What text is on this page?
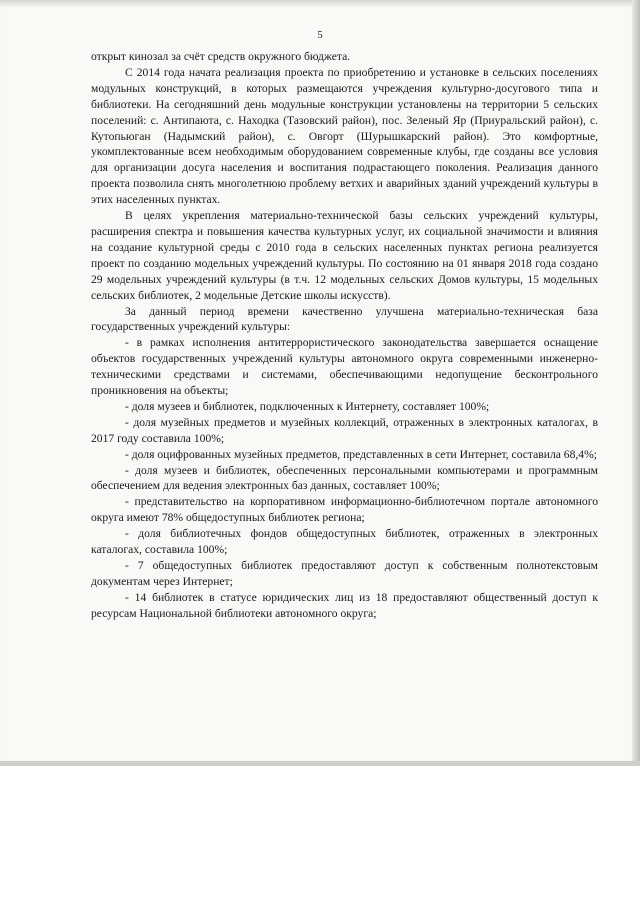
5

открыт кинозал за счёт средств окружного бюджета.

С 2014 года начата реализация проекта по приобретению и установке в сельских поселениях модульных конструкций, в которых размещаются учреждения культурно-досугового типа и библиотеки. На сегодняшний день модульные конструкции установлены на территории 5 сельских поселений: с. Антипаюта, с. Находка (Тазовский район), пос. Зеленый Яр (Приуральский район), с. Кутопьюган (Надымский район), с. Овгорт (Шурышкарский район). Это комфортные, укомплектованные всем необходимым оборудованием современные клубы, где созданы все условия для организации досуга населения и воспитания подрастающего поколения. Реализация данного проекта позволила снять многолетнюю проблему ветхих и аварийных зданий учреждений культуры в этих населенных пунктах.

В целях укрепления материально-технической базы сельских учреждений культуры, расширения спектра и повышения качества культурных услуг, их социальной значимости и влияния на создание культурной среды с 2010 года в сельских населенных пунктах региона реализуется проект по созданию модельных учреждений культуры. По состоянию на 01 января 2018 года создано 29 модельных учреждений культуры (в т.ч. 12 модельных сельских Домов культуры, 15 модельных сельских библиотек, 2 модельные Детские школы искусств).

За данный период времени качественно улучшена материально-техническая база государственных учреждений культуры:

- в рамках исполнения антитеррористического законодательства завершается оснащение объектов государственных учреждений культуры автономного округа современными инженерно-техническими средствами и системами, обеспечивающими недопущение бесконтрольного проникновения на объекты;

- доля музеев и библиотек, подключенных к Интернету, составляет 100%;

- доля музейных предметов и музейных коллекций, отраженных в электронных каталогах, в 2017 году составила 100%;

- доля оцифрованных музейных предметов, представленных в сети Интернет, составила 68,4%;

- доля музеев и библиотек, обеспеченных персональными компьютерами и программным обеспечением для ведения электронных баз данных, составляет 100%;

- представительство на корпоративном информационно-библиотечном портале автономного округа имеют 78% общедоступных библиотек региона;

- доля библиотечных фондов общедоступных библиотек, отраженных в электронных каталогах, составила 100%;

- 7 общедоступных библиотек предоставляют доступ к собственным полнотекстовым документам через Интернет;

- 14 библиотек в статусе юридических лиц из 18 предоставляют общественный доступ к ресурсам Национальной библиотеки автономного округа;
